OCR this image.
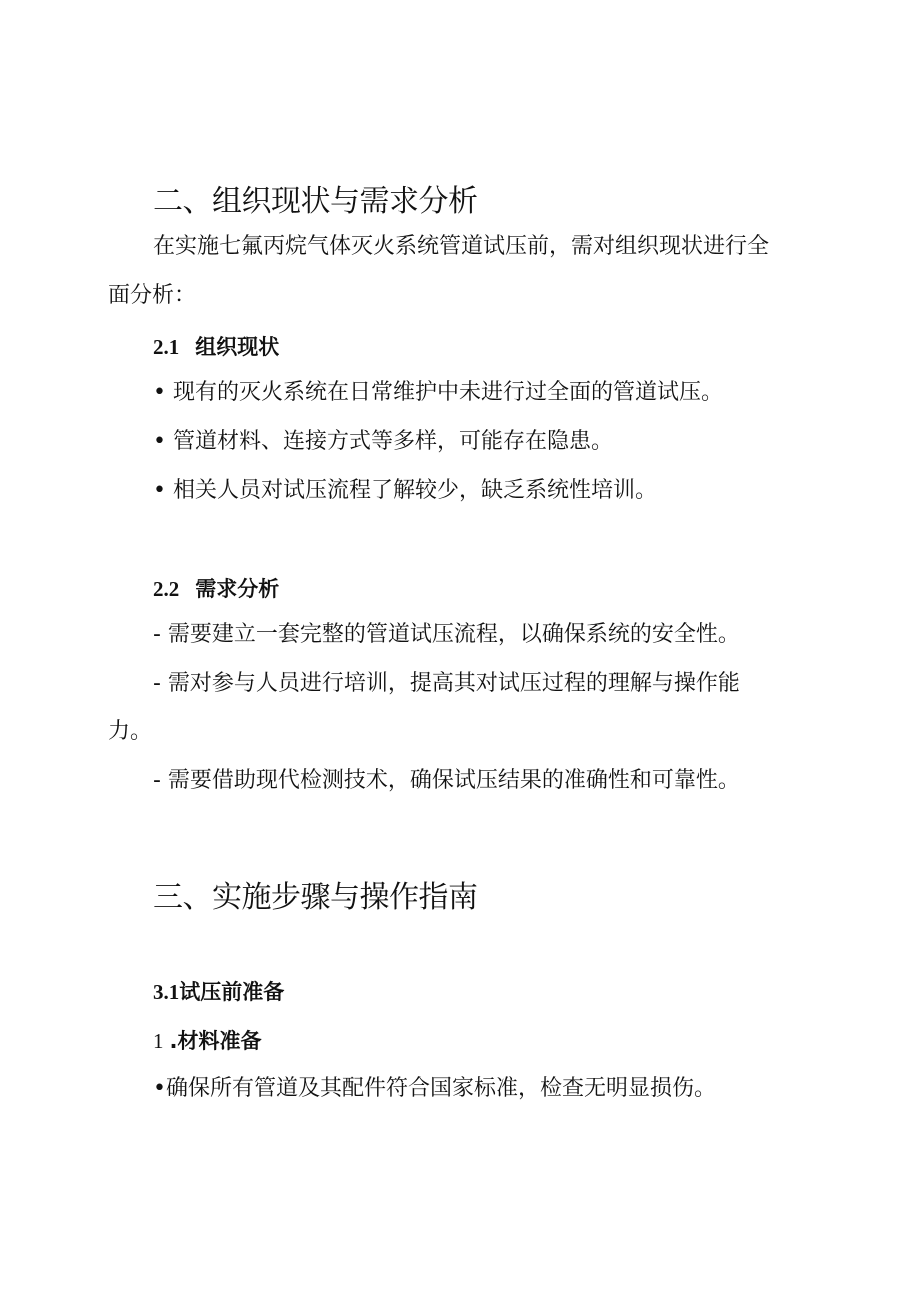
二、组织现状与需求分析
在实施七氟丙烷气体灭火系统管道试压前，需对组织现状进行全
面分析：
2.1 组织现状
• 现有的灭火系统在日常维护中未进行过全面的管道试压。
• 管道材料、连接方式等多样，可能存在隐患。
• 相关人员对试压流程了解较少，缺乏系统性培训。
2.2 需求分析
- 需要建立一套完整的管道试压流程，以确保系统的安全性。
- 需对参与人员进行培训，提高其对试压过程的理解与操作能
力。
- 需要借助现代检测技术，确保试压结果的准确性和可靠性。
三、实施步骤与操作指南
3.1试压前准备
1 .材料准备
•确保所有管道及其配件符合国家标准，检查无明显损伤。
